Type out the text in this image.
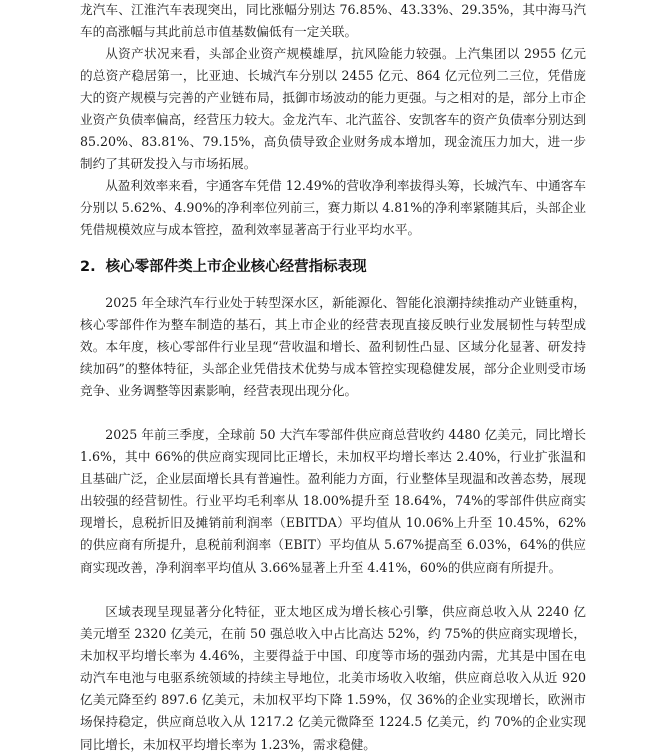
龙汽车、江淮汽车表现突出，同比涨幅分别达 76.85%、43.33%、29.35%，其中海马汽车的高涨幅与其此前总市值基数偏低有一定关联。

从资产状况来看，头部企业资产规模雄厚，抗风险能力较强。上汽集团以 2955 亿元的总资产稳居第一，比亚迪、长城汽车分别以 2455 亿元、864 亿元位列二三位，凭借庞大的资产规模与完善的产业链布局，抵御市场波动的能力更强。与之相对的是，部分上市企业资产负债率偏高，经营压力较大。金龙汽车、北汽蓝谷、安凯客车的资产负债率分别达到 85.20%、83.81%、79.15%，高负债导致企业财务成本增加，现金流压力加大，进一步制约了其研发投入与市场拓展。

从盈利效率来看，宇通客车凭借 12.49%的营收净利率拔得头筹，长城汽车、中通客车分别以 5.62%、4.90%的净利率位列前三，赛力斯以 4.81%的净利率紧随其后，头部企业凭借规模效应与成本管控，盈利效率显著高于行业平均水平。

2. 核心零部件类上市企业核心经营指标表现

2025 年全球汽车行业处于转型深水区，新能源化、智能化浪潮持续推动产业链重构，核心零部件作为整车制造的基石，其上市企业的经营表现直接反映行业发展韧性与转型成效。本年度，核心零部件行业呈现“营收温和增长、盈利韧性凸显、区域分化显著、研发持续加码”的整体特征，头部企业凭借技术优势与成本管控实现稳健发展，部分企业则受市场竞争、业务调整等因素影响，经营表现出现分化。

2025 年前三季度，全球前 50 大汽车零部件供应商总营收约 4480 亿美元，同比增长 1.6%，其中 66%的供应商实现同比正增长，未加权平均增长率达 2.40%，行业扩张温和且基础广泛，企业层面增长具有普遍性。盈利能力方面，行业整体呈现温和改善态势，展现出较强的经营韧性。行业平均毛利率从 18.00%提升至 18.64%，74%的零部件供应商实现增长，息税折旧及摊销前利润率（EBITDA）平均值从 10.06%上升至 10.45%，62%的供应商有所提升，息税前利润率（EBIT）平均值从 5.67%提高至 6.03%，64%的供应商实现改善，净利润率平均值从 3.66%显著上升至 4.41%，60%的供应商有所提升。

区域表现呈现显著分化特征，亚太地区成为增长核心引擎，供应商总收入从 2240 亿美元增至 2320 亿美元，在前 50 强总收入中占比高达 52%，约 75%的供应商实现增长，未加权平均增长率为 4.46%，主要得益于中国、印度等市场的强劲内需，尤其是中国在电动汽车电池与电驱系统领域的持续主导地位，北美市场收入收缩，供应商总收入从近 920 亿美元降至约 897.6 亿美元，未加权平均下降 1.59%，仅 36%的企业实现增长，欧洲市场保持稳定，供应商总收入从 1217.2 亿美元微降至 1224.5 亿美元，约 70%的企业实现同比增长，未加权平均增长率为 1.23%，需求稳健。
